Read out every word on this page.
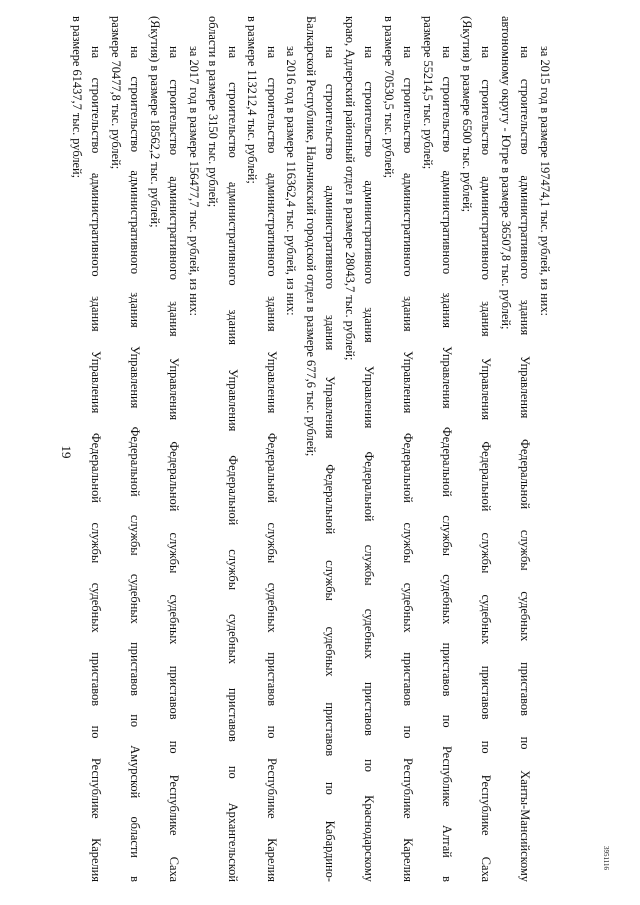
19
за 2015 год в размере 197474,1 тыс. рублей, из них:
на строительство административного здания Управления Федеральной службы судебных приставов по Ханты-Мансийскому
автономному округу - Югре в размере 36507,8 тыс. рублей;
на строительство административного здания Управления Федеральной службы судебных приставов по Республике Саха
(Якутия) в размере 6500 тыс. рублей;
на строительство административного здания Управления Федеральной службы судебных приставов по Республике Алтай в
размере 55214,5 тыс. рублей;
на строительство административного здания Управления Федеральной службы судебных приставов по Республике Карелия
в размере 70530,5 тыс. рублей;
на строительство административного здания Управления Федеральной службы судебных приставов по Краснодарскому
краю, Адлерский районный отдел в размере 28043,7 тыс. рублей;
на строительство административного здания Управления Федеральной службы судебных приставов по Кабардино-
Балкарской Республике, Нальчикский городской отдел в размере 677,6 тыс. рублей;
за 2016 год в размере 116362,4 тыс. рублей, из них:
на строительство административного здания Управления Федеральной службы судебных приставов по Республике Карелия
в размере 113212,4 тыс. рублей;
на строительство административного здания Управления Федеральной службы судебных приставов по Архангельской
области в размере 3150 тыс. рублей;
за 2017 год в размере 156477,7 тыс. рублей, из них:
на строительство административного здания Управления Федеральной службы судебных приставов по Республике Саха
(Якутия) в размере 18562,2 тыс. рублей;
на строительство административного здания Управления Федеральной службы судебных приставов по Амурской области в
размере 70477,8 тыс. рублей;
на строительство административного здания Управления Федеральной службы судебных приставов по Республике Карелия
в размере 61437,7 тыс. рублей;
3951116
